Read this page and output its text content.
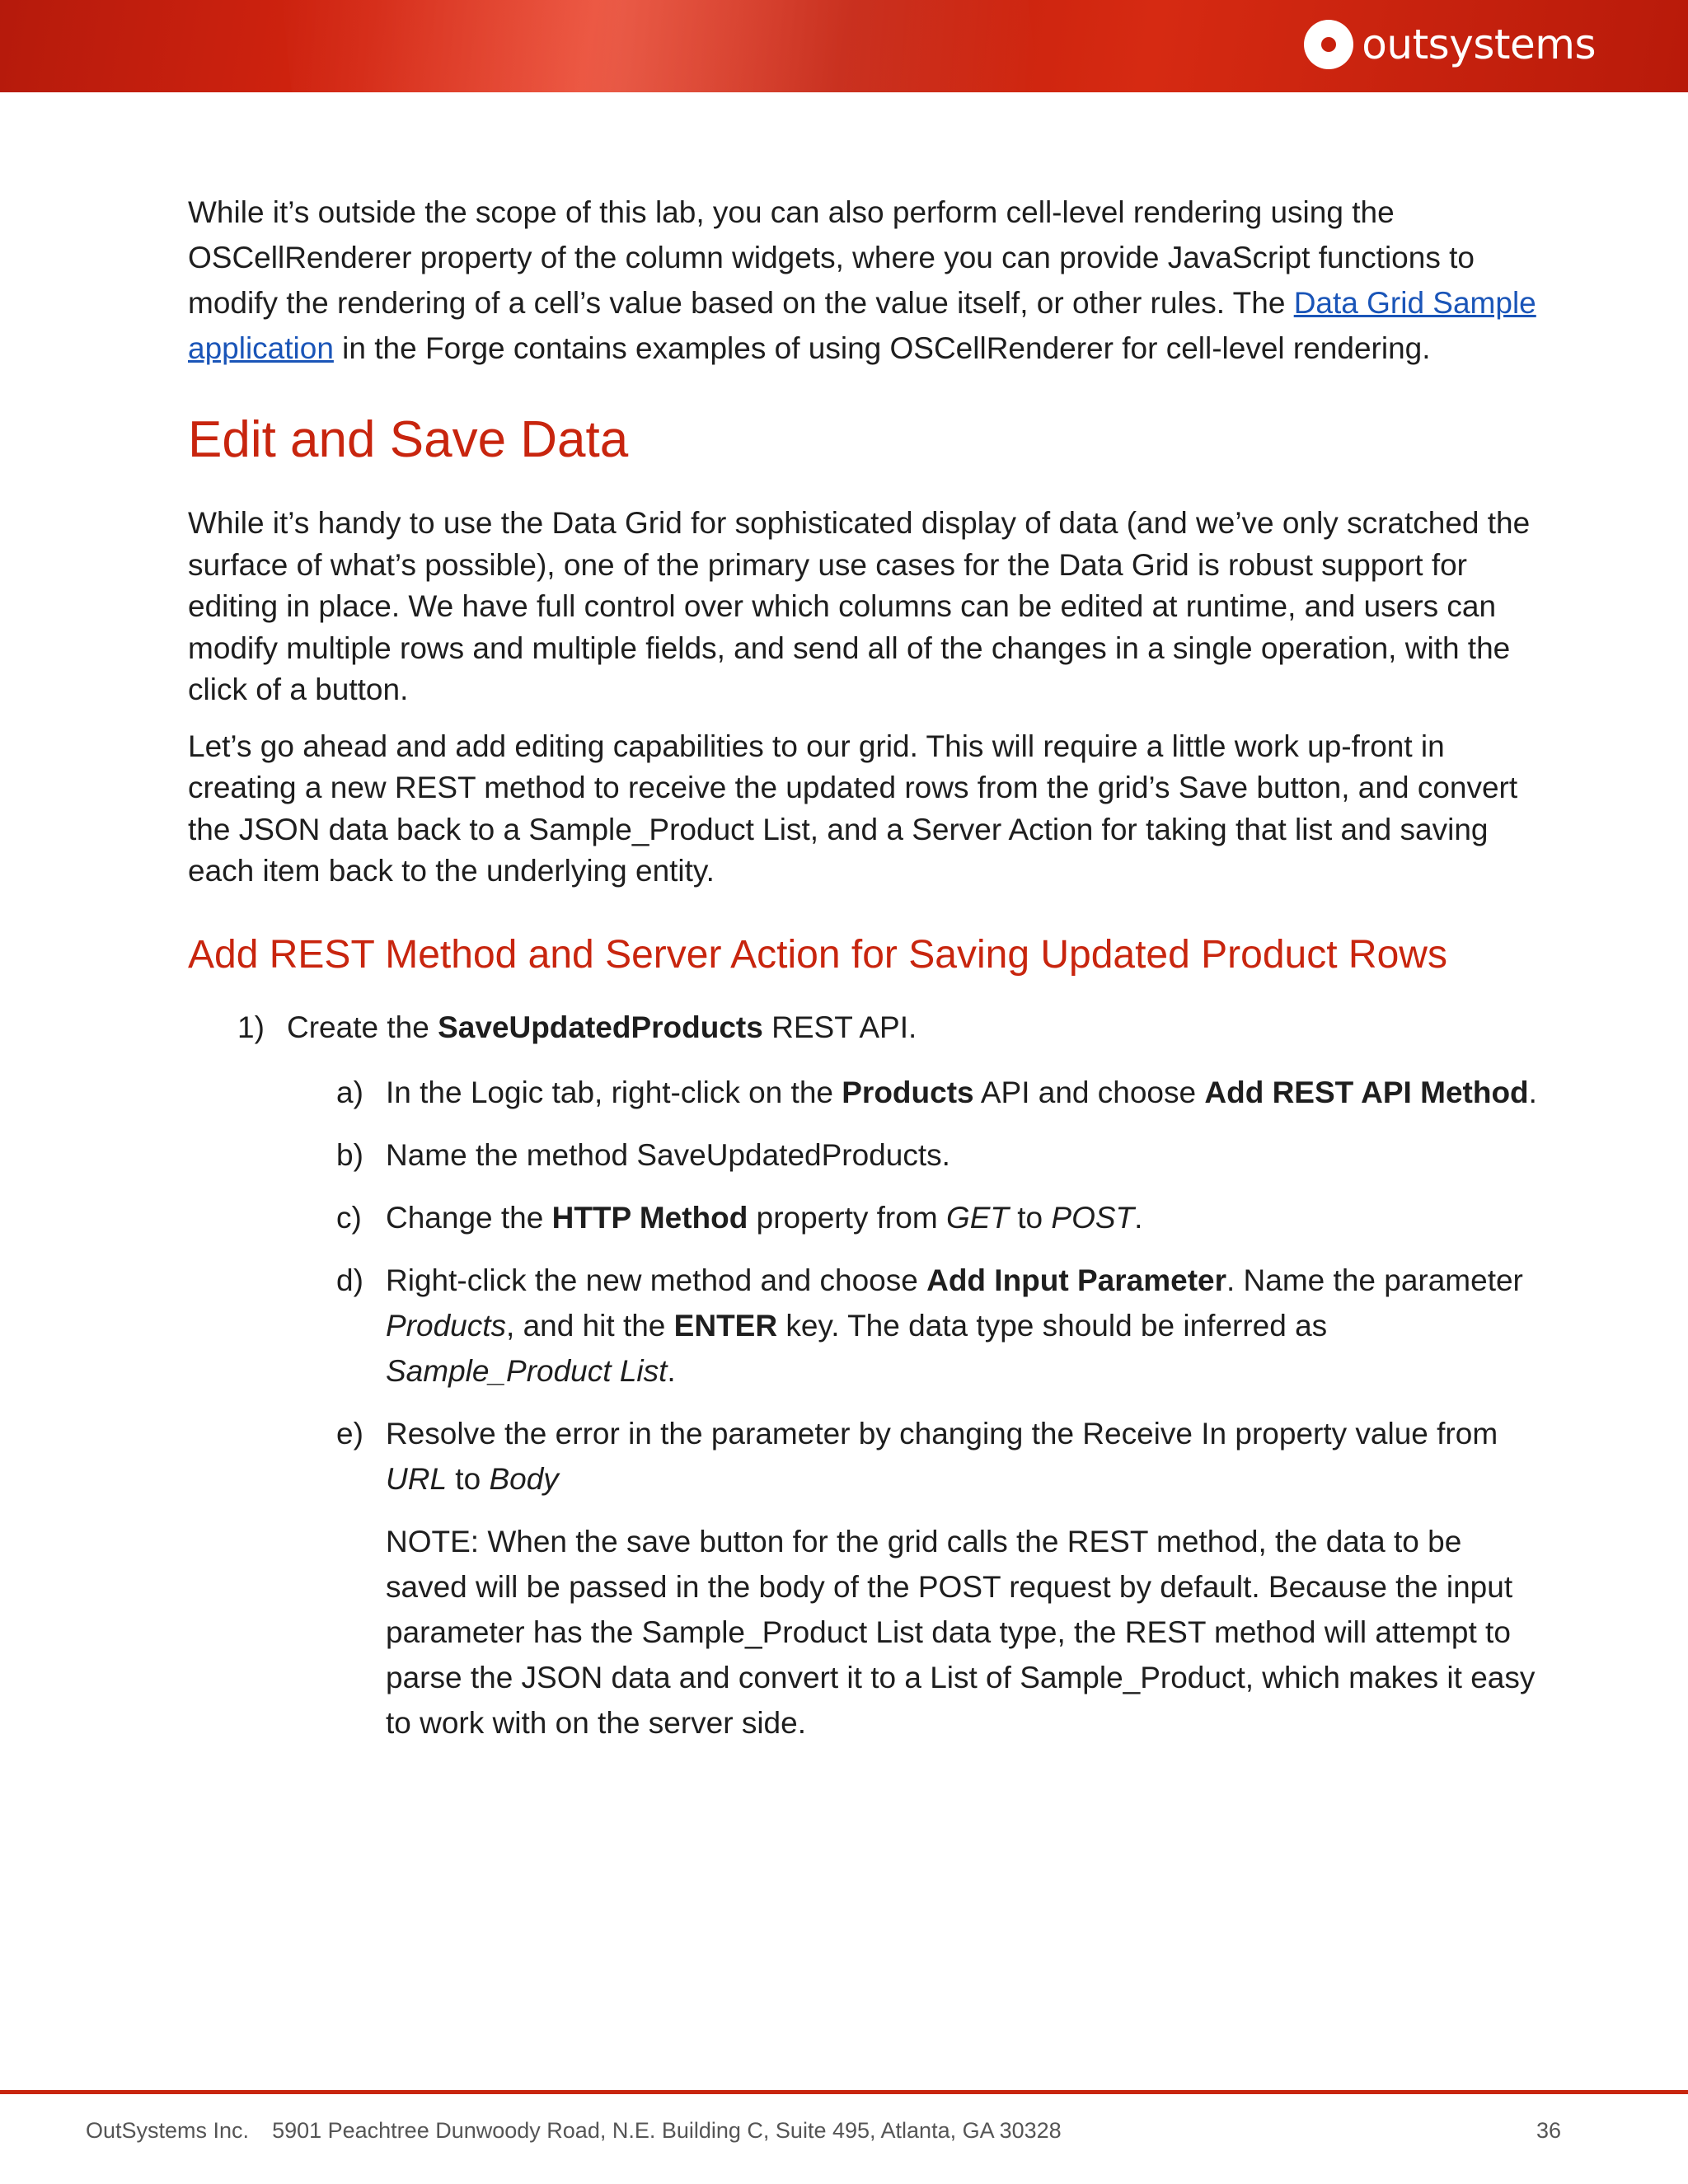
outsystems

While it’s outside the scope of this lab, you can also perform cell-level rendering using the OSCellRenderer property of the column widgets, where you can provide JavaScript functions to modify the rendering of a cell’s value based on the value itself, or other rules. The Data Grid Sample application in the Forge contains examples of using OSCellRenderer for cell-level rendering.

Edit and Save Data

While it’s handy to use the Data Grid for sophisticated display of data (and we’ve only scratched the surface of what’s possible), one of the primary use cases for the Data Grid is robust support for editing in place. We have full control over which columns can be edited at runtime, and users can modify multiple rows and multiple fields, and send all of the changes in a single operation, with the click of a button.

Let’s go ahead and add editing capabilities to our grid. This will require a little work up-front in creating a new REST method to receive the updated rows from the grid’s Save button, and convert the JSON data back to a Sample_Product List, and a Server Action for taking that list and saving each item back to the underlying entity.

Add REST Method and Server Action for Saving Updated Product Rows
1) Create the SaveUpdatedProducts REST API.
a) In the Logic tab, right-click on the Products API and choose Add REST API Method.
b) Name the method SaveUpdatedProducts.
c) Change the HTTP Method property from GET to POST.
d) Right-click the new method and choose Add Input Parameter. Name the parameter Products, and hit the ENTER key. The data type should be inferred as Sample_Product List.
e) Resolve the error in the parameter by changing the Receive In property value from URL to Body

NOTE: When the save button for the grid calls the REST method, the data to be saved will be passed in the body of the POST request by default. Because the input parameter has the Sample_Product List data type, the REST method will attempt to parse the JSON data and convert it to a List of Sample_Product, which makes it easy to work with on the server side.

OutSystems Inc. 5901 Peachtree Dunwoody Road, N.E. Building C, Suite 495, Atlanta, GA 30328	36
